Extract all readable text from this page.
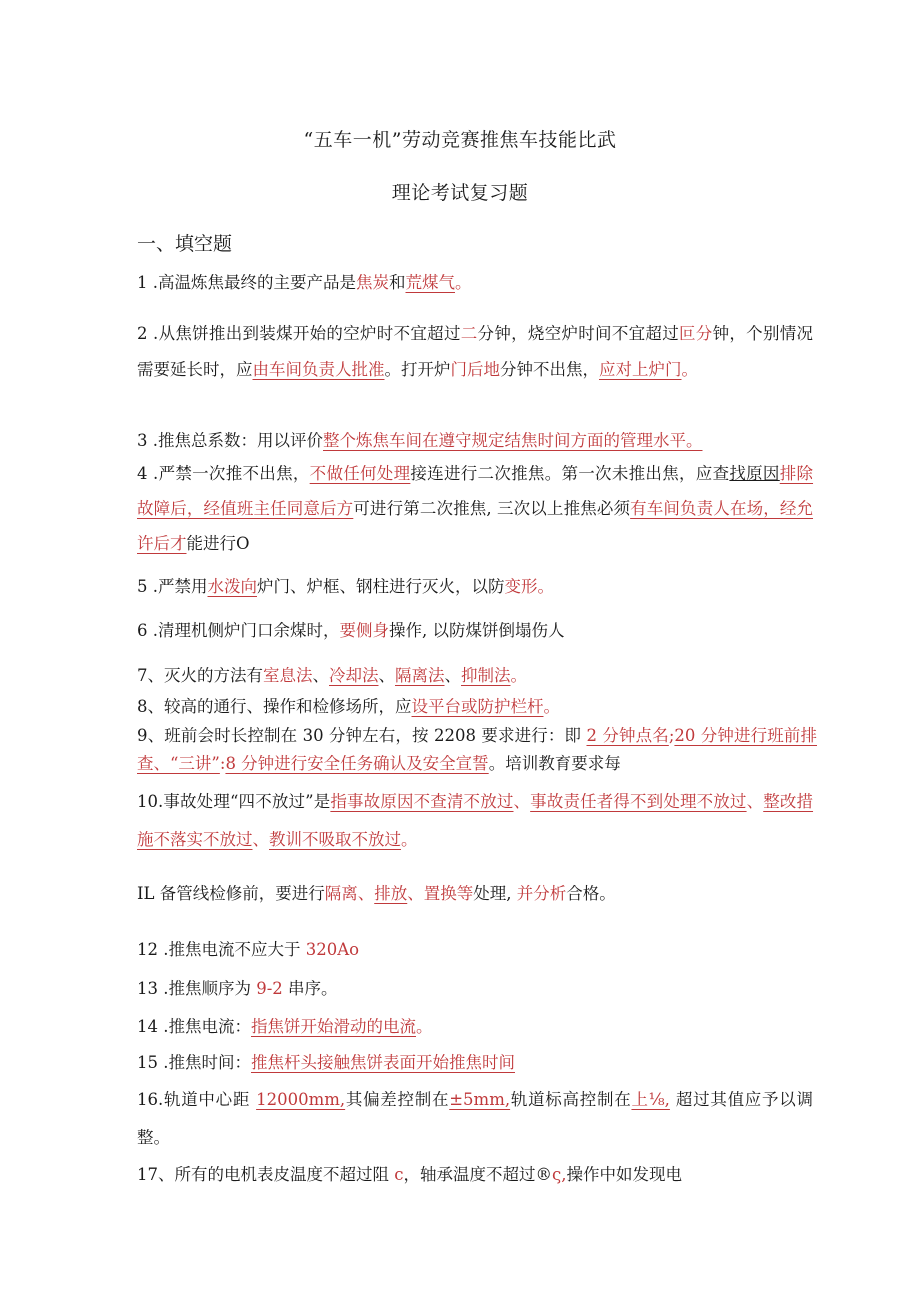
“五车一机”劳动竞赛推焦车技能比武
理论考试复习题
一、填空题
1 .高温炼焦最终的主要产品是焦炭和荒煤气。
2 .从焦饼推出到装煤开始的空炉时不宜超过二分钟，烧空炉时间不宜超过叵分钟，个别情况需要延长时，应由车间负责人批准。打开炉门后地分钟不出焦，应对上炉门。
3 .推焦总系数：用以评价整个炼焦车间在遵守规定结焦时间方面的管理水平。
4 .严禁一次推不出焦，不做任何处理接连进行二次推焦。第一次未推出焦，应查找原因排除故障后，经值班主任同意后方可进行第二次推焦, 三次以上推焦必须有车间负责人在场，经允许后才能进行O
5 .严禁用水泼向炉门、炉框、钢柱进行灭火，以防变形。
6 .清理机侧炉门口余煤时，要侧身操作, 以防煤饼倒塌伤人
7、灭火的方法有室息法、冷却法、隔离法、抑制法。
8、较高的通行、操作和检修场所，应设平台或防护栏杆。
9、班前会时长控制在 30 分钟左右，按 2208 要求进行：即 2 分钟点名;20 分钟进行班前排查、“三讲”:8 分钟进行安全任务确认及安全宣誓。培训教育要求每
10.事故处理“四不放过”是指事故原因不查清不放过、事故责任者得不到处理不放过、整改措施不落实不放过、教训不吸取不放过。
IL 备管线检修前，要进行隔离、排放、置换等处理, 并分析合格。
12 .推焦电流不应大于 320Ao
13 .推焦顺序为 9-2 串序。
14 .推焦电流：指焦饼开始滑动的电流。
15 .推焦时间：推焦杆头接触焦饼表面开始推焦时间
16.轨道中心距 12000mm,其偏差控制在±5mm,轨道标高控制在上⅛, 超过其值应予以调整。
17、所有的电机表皮温度不超过阻 c，轴承温度不超过®ς,操作中如发现电
